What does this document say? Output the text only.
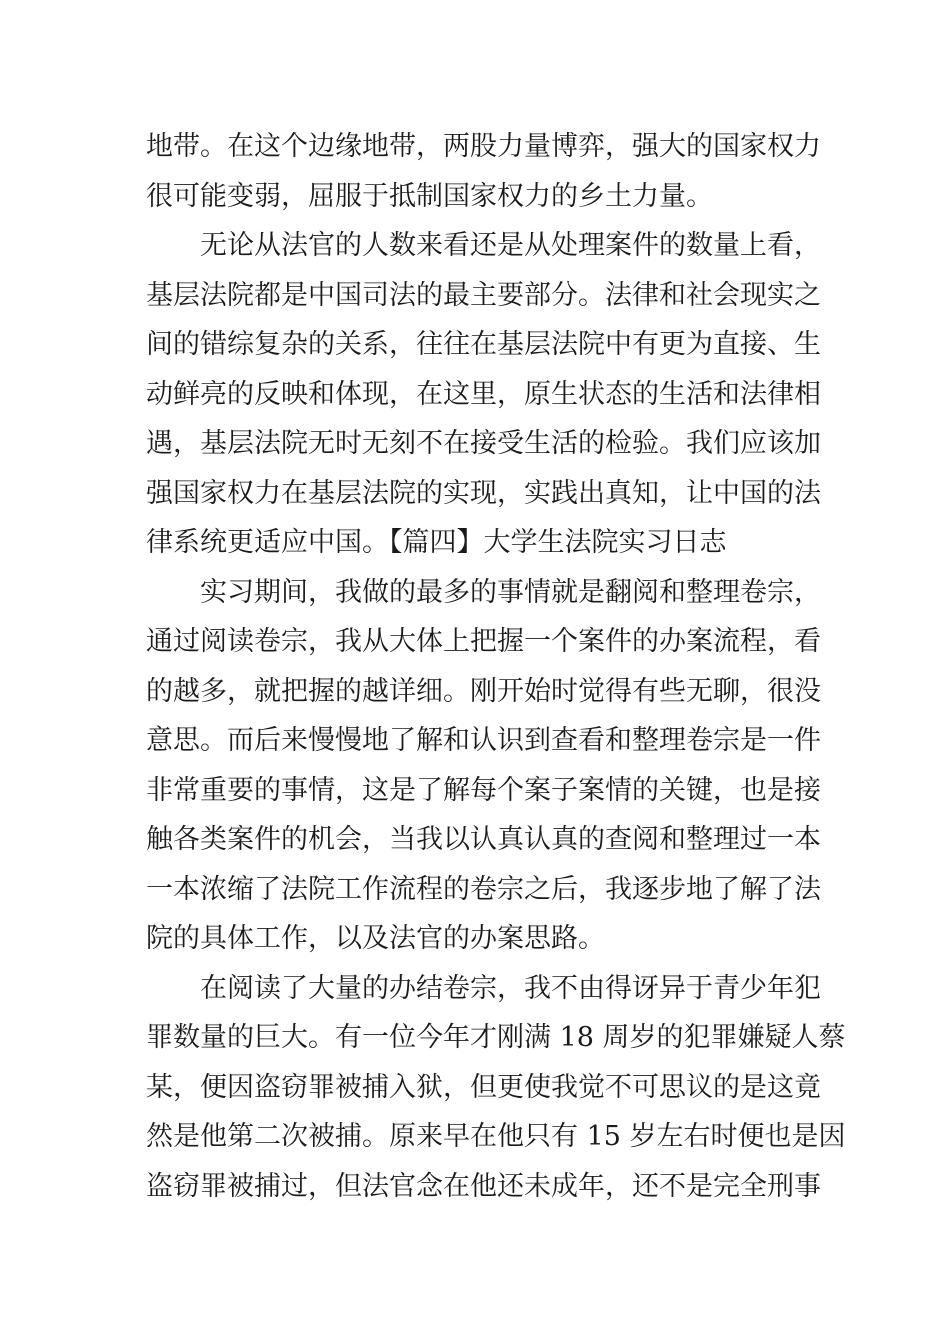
地带。在这个边缘地带，两股力量博弈，强大的国家权力
很可能变弱，屈服于抵制国家权力的乡土力量。
无论从法官的人数来看还是从处理案件的数量上看，
基层法院都是中国司法的最主要部分。法律和社会现实之
间的错综复杂的关系，往往在基层法院中有更为直接、生
动鲜亮的反映和体现，在这里，原生状态的生活和法律相
遇，基层法院无时无刻不在接受生活的检验。我们应该加
强国家权力在基层法院的实现，实践出真知，让中国的法
律系统更适应中国。【篇四】大学生法院实习日志
实习期间，我做的最多的事情就是翻阅和整理卷宗，
通过阅读卷宗，我从大体上把握一个案件的办案流程，看
的越多，就把握的越详细。刚开始时觉得有些无聊，很没
意思。而后来慢慢地了解和认识到查看和整理卷宗是一件
非常重要的事情，这是了解每个案子案情的关键，也是接
触各类案件的机会，当我以认真认真的查阅和整理过一本
一本浓缩了法院工作流程的卷宗之后，我逐步地了解了法
院的具体工作，以及法官的办案思路。
在阅读了大量的办结卷宗，我不由得讶异于青少年犯
罪数量的巨大。有一位今年才刚满 18 周岁的犯罪嫌疑人蔡
某，便因盗窃罪被捕入狱，但更使我觉不可思议的是这竟
然是他第二次被捕。原来早在他只有 15 岁左右时便也是因
盗窃罪被捕过，但法官念在他还未成年，还不是完全刑事
